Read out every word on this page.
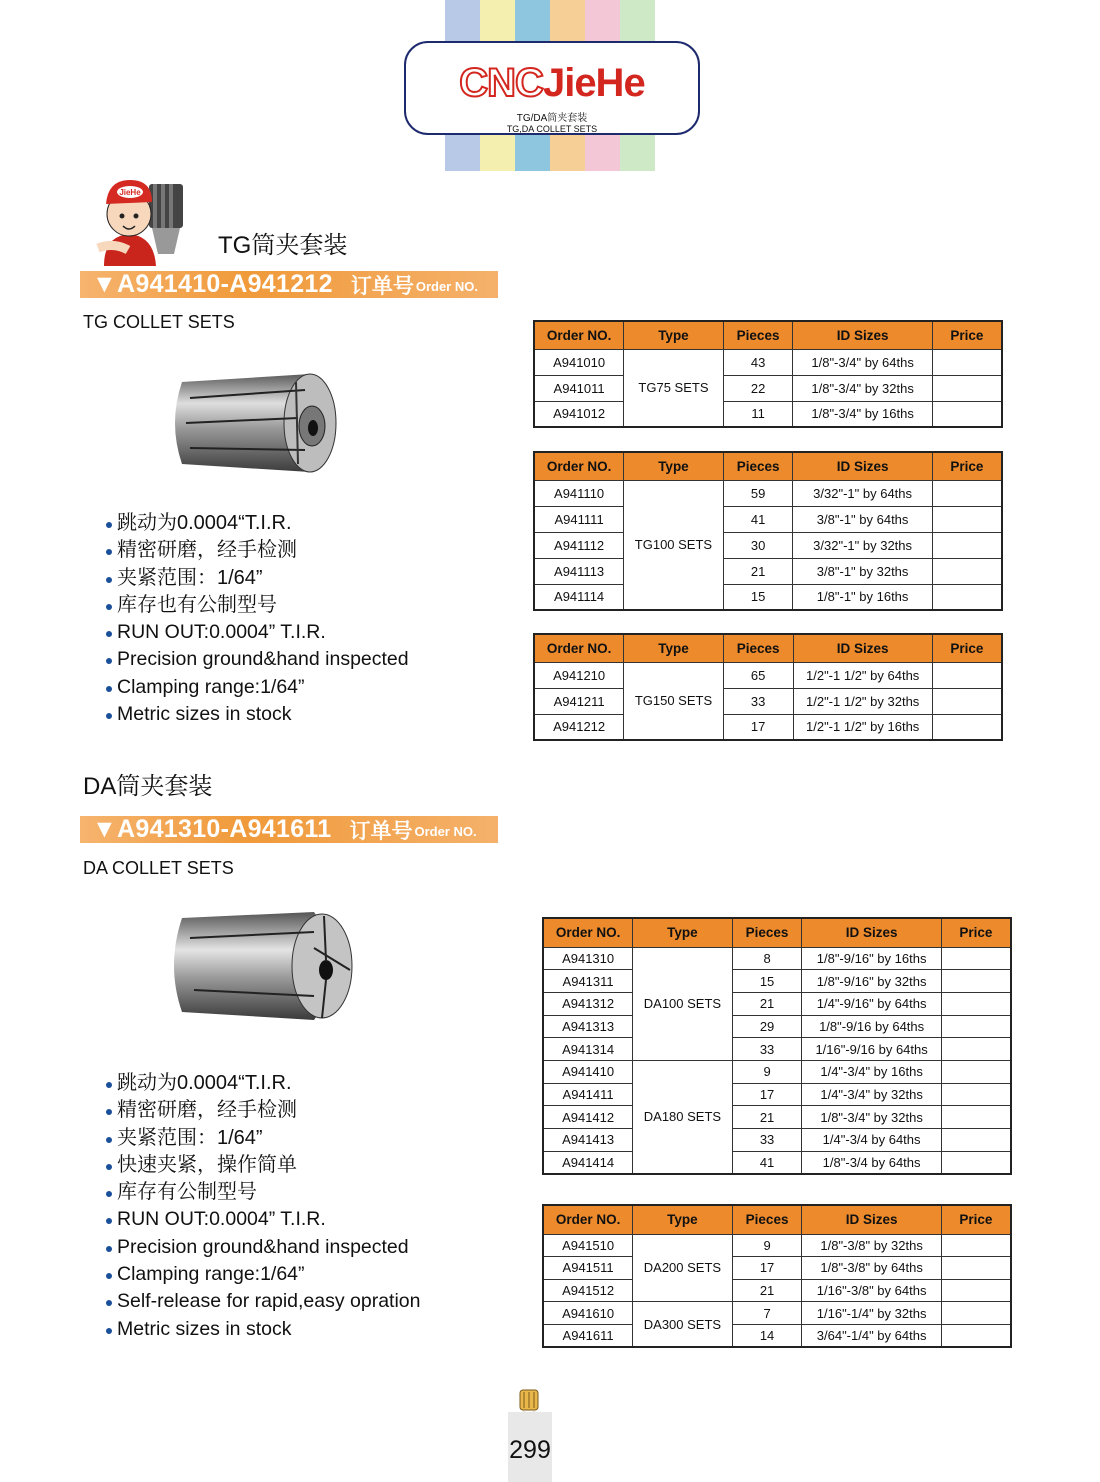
CNCJieHe
TG/DA筒夹套装
TG,DA COLLET SETS
JieHe
TG筒夹套装
▼A941410-A941212 订单号 Order NO.
TG COLLET SETS
跳动为0.0004“T.I.R.
精密研磨，经手检测
夹紧范围：1/64”
库存也有公制型号
RUN OUT:0.0004” T.I.R.
Precision ground&hand inspected
Clamping range:1/64”
Metric sizes in stock
DA筒夹套装
▼A941310-A941611 订单号 Order NO.
DA COLLET SETS
跳动为0.0004“T.I.R.
精密研磨，经手检测
夹紧范围：1/64”
快速夹紧，操作简单
库存有公制型号
RUN OUT:0.0004” T.I.R.
Precision ground&hand inspected
Clamping range:1/64”
Self-release for rapid,easy opration
Metric sizes in stock
Order NO.	Type	Pieces	ID Sizes	Price
A941010	TG75 SETS	43	1/8"-3/4" by 64ths	
A941011		22	1/8"-3/4" by 32ths	
A941012		11	1/8"-3/4" by 16ths	
Order NO.	Type	Pieces	ID Sizes	Price
A941110	TG100 SETS	59	3/32"-1" by 64ths	
A941111		41	3/8"-1" by 64ths	
A941112		30	3/32"-1" by 32ths	
A941113		21	3/8"-1" by 32ths	
A941114		15	1/8"-1" by 16ths	
Order NO.	Type	Pieces	ID Sizes	Price
A941210	TG150 SETS	65	1/2"-1 1/2" by 64ths	
A941211		33	1/2"-1 1/2" by 32ths	
A941212		17	1/2"-1 1/2" by 16ths	
Order NO.	Type	Pieces	ID Sizes	Price
A941310	DA100 SETS	8	1/8"-9/16" by 16ths	
A941311		15	1/8"-9/16" by 32ths	
A941312		21	1/4"-9/16" by 64ths	
A941313		29	1/8"-9/16 by 64ths	
A941314		33	1/16"-9/16 by 64ths	
A941410	DA180 SETS	9	1/4"-3/4" by 16ths	
A941411		17	1/4"-3/4" by 32ths	
A941412		21	1/8"-3/4" by 32ths	
A941413		33	1/4"-3/4 by 64ths	
A941414		41	1/8"-3/4 by 64ths	
Order NO.	Type	Pieces	ID Sizes	Price
A941510	DA200 SETS	9	1/8"-3/8" by 32ths	
A941511		17	1/8"-3/8" by 64ths	
A941512		21	1/16"-3/8" by 64ths	
A941610	DA300 SETS	7	1/16"-1/4" by 32ths	
A941611		14	3/64"-1/4" by 64ths	
299
